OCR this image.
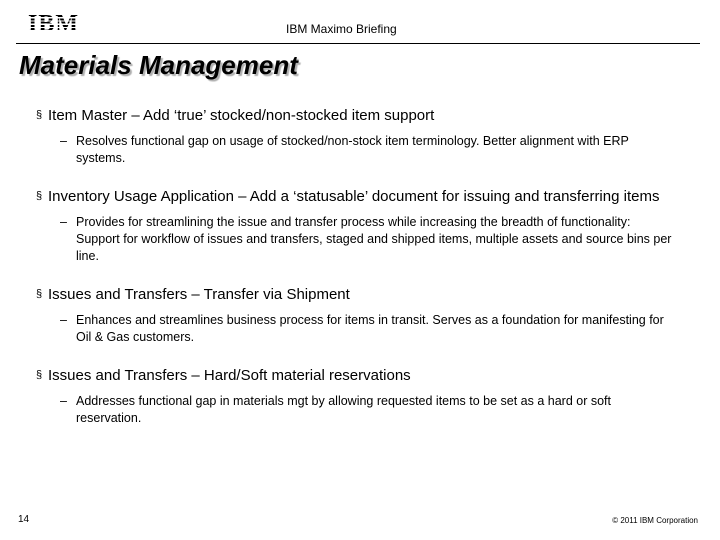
IBM	IBM Maximo Briefing
Materials Management
§ Item Master – Add ‘true’ stocked/non-stocked item support
– Resolves functional gap on usage of stocked/non-stock item terminology. Better alignment with ERP systems.
§ Inventory Usage Application – Add a ‘statusable’ document for issuing and transferring items
– Provides for streamlining the issue and transfer process while increasing the breadth of functionality: Support for workflow of issues and transfers, staged and shipped items, multiple assets and source bins per line.
§ Issues and Transfers – Transfer via Shipment
– Enhances and streamlines business process for items in transit. Serves as a foundation for manifesting for Oil & Gas customers.
§ Issues and Transfers – Hard/Soft material reservations
– Addresses functional gap in materials mgt by allowing requested items to be set as a hard or soft reservation.
14	© 2011 IBM Corporation
